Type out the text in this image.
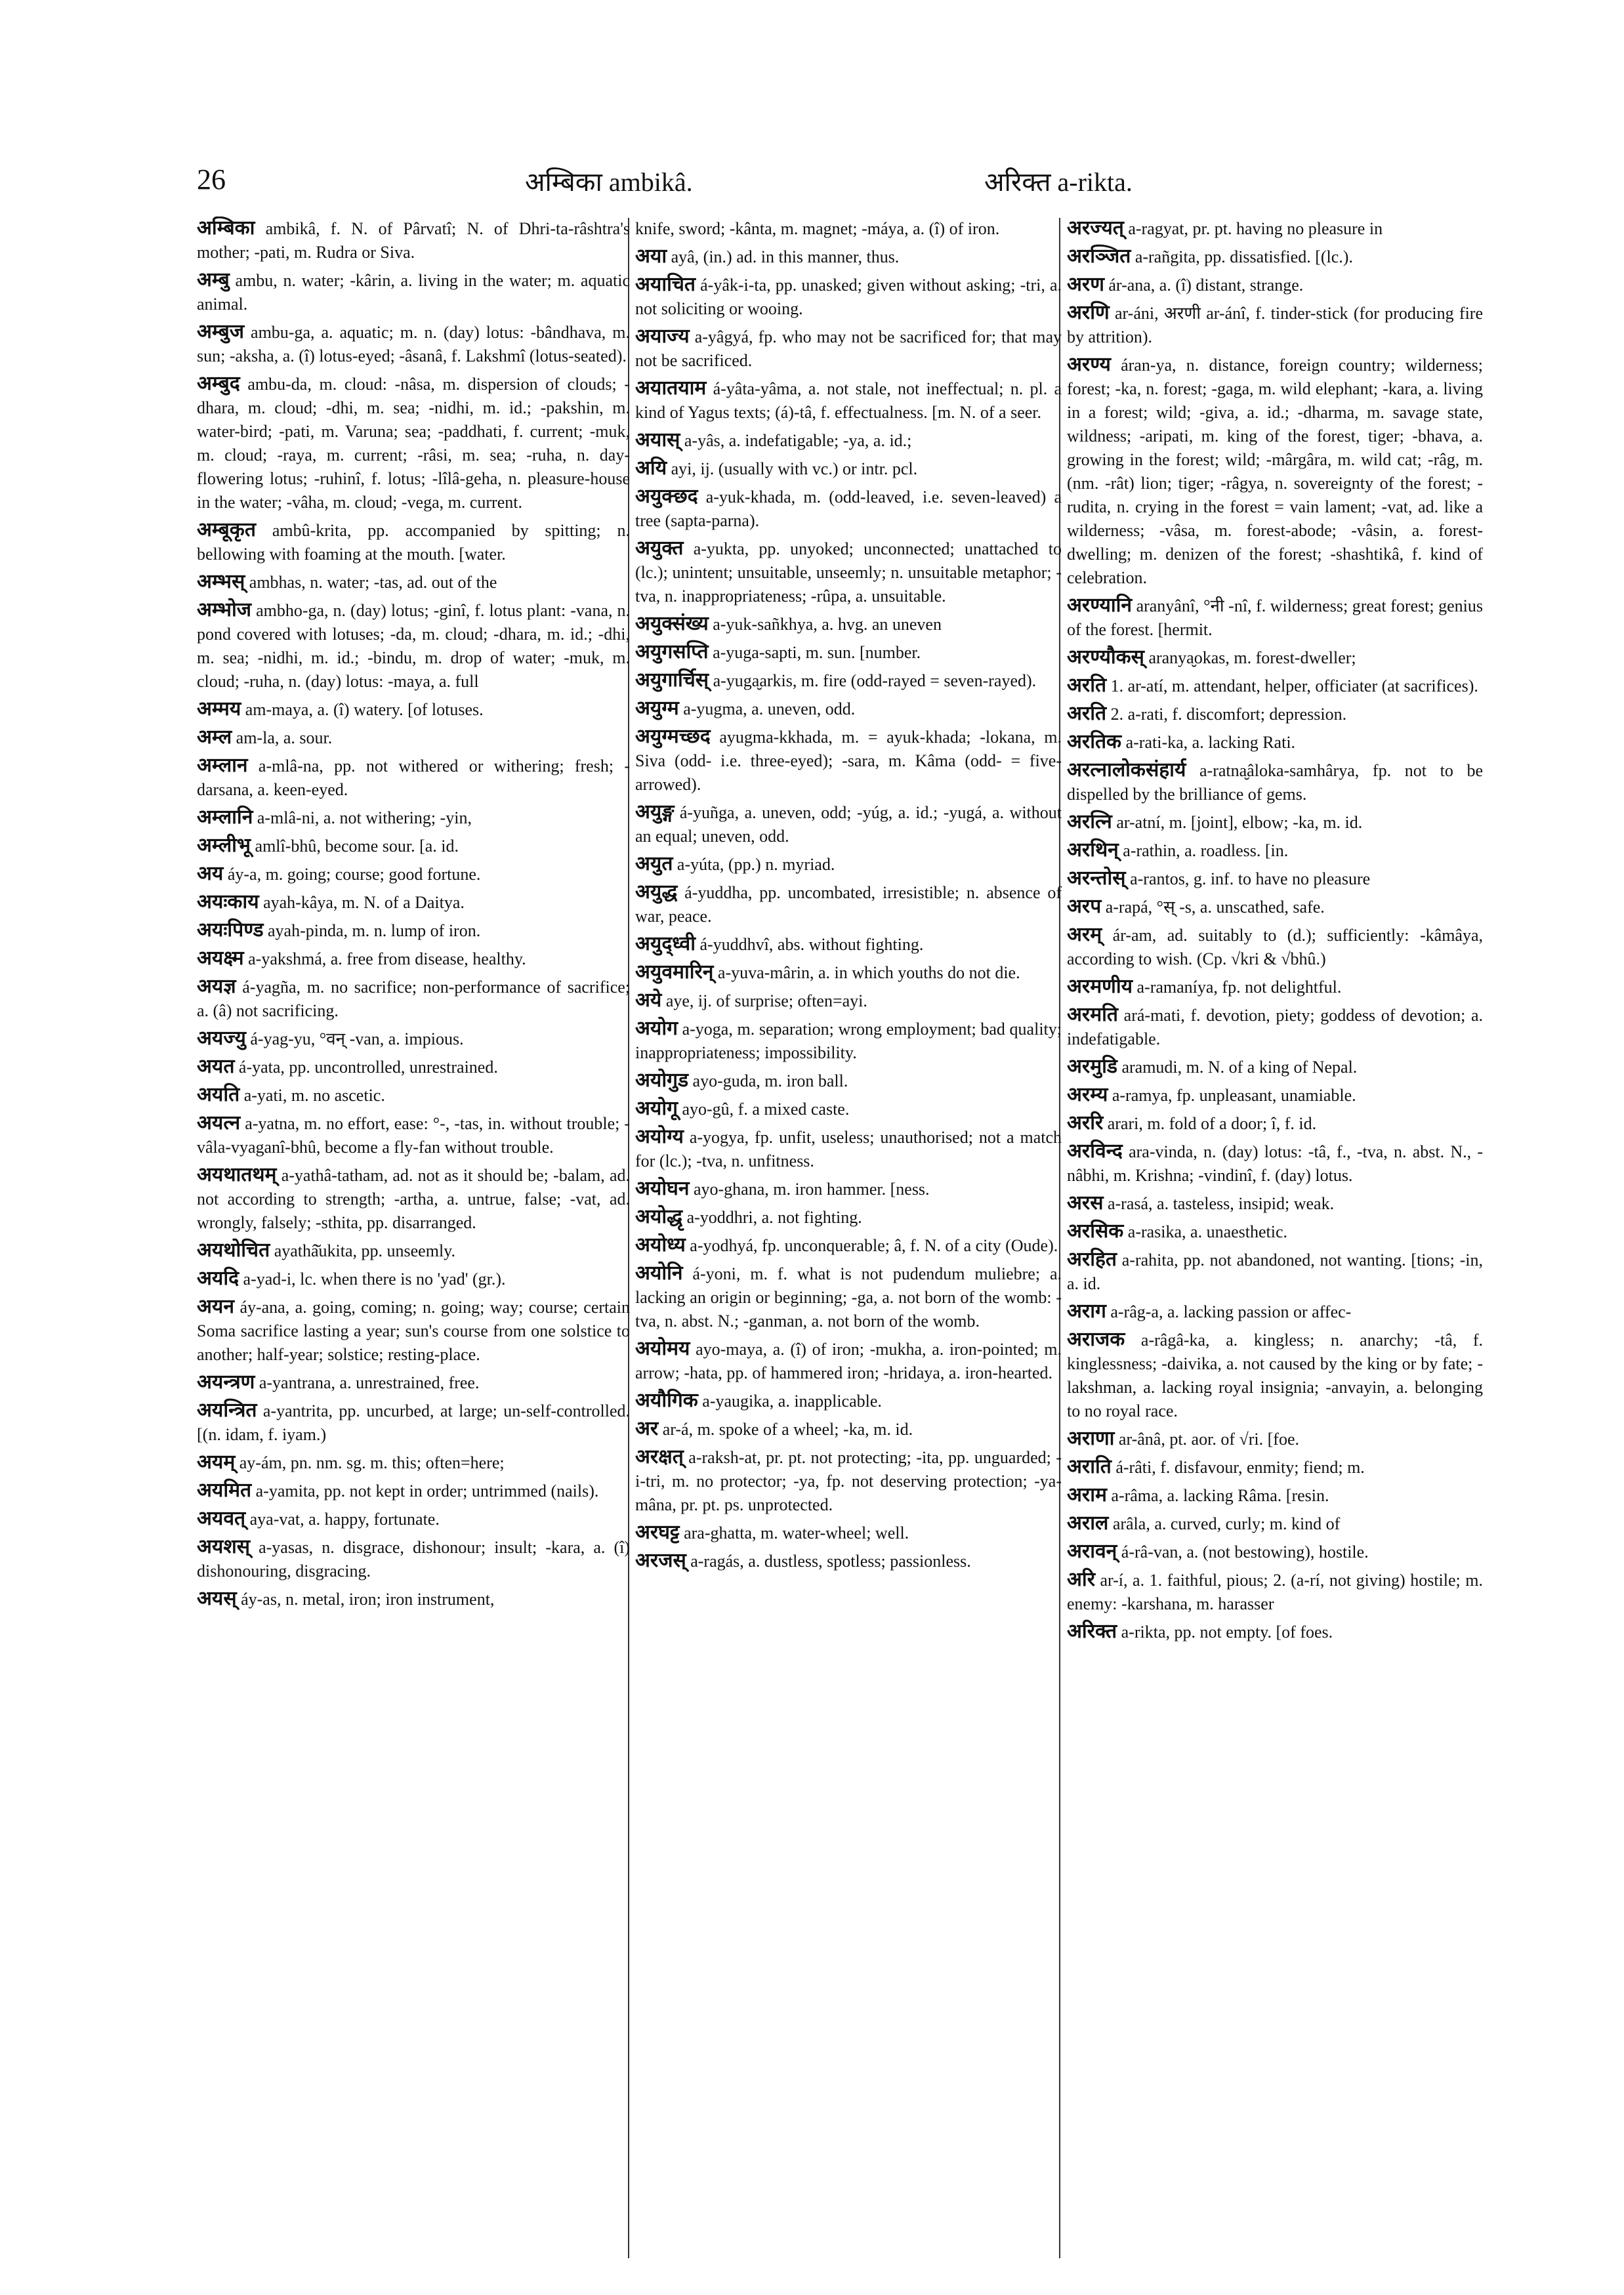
26	अम्बिका ambikâ.	अरिक्त a-rikta.
अम्बिका ambikâ, f. N. of Pârvatî; N. of Dhri-ta-râshtra's mother; -pati, m. Rudra or Siva.
अम्बु ambu, n. water; -kârin, a. living in the water; m. aquatic animal.
अम्बुज ambu-ga, a. aquatic; m. n. (day) lotus: -bândhava, m. sun; -aksha, a. (î) lotus-eyed; -âsanâ, f. Lakshmî (lotus-seated).
अम्बुद ambu-da, m. cloud: -nâsa, m. dispersion of clouds; -dhara, m. cloud; -dhi, m. sea; -nidhi, m. id.; -pakshin, m. water-bird; -pati, m. Varuna; sea; -paddhati, f. current; -muk, m. cloud; -raya, m. current; -râsi, m. sea; -ruha, n. day-flowering lotus; -ruhinî, f. lotus; -lîlâ-geha, n. pleasure-house in the water; -vâha, m. cloud; -vega, m. current.
अम्बूकृत ambû-krita, pp. accompanied by spitting; n. bellowing with foaming at the mouth. [water.
अम्भस् ambhas, n. water; -tas, ad. out of the
अम्भोज ambho-ga, n. (day) lotus; -ginî, f. lotus plant: -vana, n. pond covered with lotuses; -da, m. cloud; -dhara, m. id.; -dhi, m. sea; -nidhi, m. id.; -bindu, m. drop of water; -muk, m. cloud; -ruha, n. (day) lotus: -maya, a. full
अम्मय am-maya, a. (î) watery. [of lotuses.
अम्ल am-la, a. sour.
अम्लान a-mlâ-na, pp. not withered or withering; fresh; -darsana, a. keen-eyed.
अम्लानि a-mlâ-ni, a. not withering; -yin,
अम्लीभू amlî-bhû, become sour. [a. id.
अय áy-a, m. going; course; good fortune.
अयःकाय ayah-kâya, m. N. of a Daitya.
अयःपिण्ड ayah-pinda, m. n. lump of iron.
अयक्ष्म a-yakshmá, a. free from disease, healthy.
अयज्ञ á-yagña, m. no sacrifice; non-performance of sacrifice; a. (â) not sacrificing.
अयज्यु á-yag-yu, °वन् -van, a. impious.
अयत á-yata, pp. uncontrolled, unrestrained.
अयति a-yati, m. no ascetic.
अयत्न a-yatna, m. no effort, ease: °-, -tas, in. without trouble; -vâla-vyaganî-bhû, become a fly-fan without trouble.
अयथातथम् a-yathâ-tatham, ad. not as it should be; -balam, ad. not according to strength; -artha, a. untrue, false; -vat, ad. wrongly, falsely; -sthita, pp. disarranged.
अयथोचित ayathâ̆ukita, pp. unseemly.
अयदि a-yad-i, lc. when there is no 'yad' (gr.).
अयन áy-ana, a. going, coming; n. going; way; course; certain Soma sacrifice lasting a year; sun's course from one solstice to another; half-year; solstice; resting-place.
अयन्त्रण a-yantrana, a. unrestrained, free.
अयन्त्रित a-yantrita, pp. uncurbed, at large; un-self-controlled. [(n. idam, f. iyam.)
अयम् ay-ám, pn. nm. sg. m. this; often=here;
अयमित a-yamita, pp. not kept in order; untrimmed (nails).
अयवत् aya-vat, a. happy, fortunate.
अयशस् a-yasas, n. disgrace, dishonour; insult; -kara, a. (î) dishonouring, disgracing.
अयस् áy-as, n. metal, iron; iron instrument,
knife, sword; -kânta, m. magnet; -máya, a. (î) of iron.
अया ayâ, (in.) ad. in this manner, thus.
अयाचित á-yâk-i-ta, pp. unasked; given without asking; -tri, a. not soliciting or wooing.
अयाज्य a-yâgyá, fp. who may not be sacrificed for; that may not be sacrificed.
अयातयाम á-yâta-yâma, a. not stale, not ineffectual; n. pl. a kind of Yagus texts; (á)-tâ, f. effectualness. [m. N. of a seer.
अयास् a-yâs, a. indefatigable; -ya, a. id.;
अयि ayi, ij. (usually with vc.) or intr. pcl.
अयुक्छद a-yuk-khada, m. (odd-leaved, i.e. seven-leaved) a tree (sapta-parna).
अयुक्त a-yukta, pp. unyoked; unconnected; unattached to (lc.); unintent; unsuitable, unseemly; n. unsuitable metaphor; -tva, n. inappropriateness; -rûpa, a. unsuitable.
अयुक्संख्य a-yuk-sañkhya, a. hvg. an uneven
अयुगसप्ति a-yuga-sapti, m. sun. [number.
अयुगार्चिस् a-yuga̮arkis, m. fire (odd-rayed = seven-rayed).
अयुग्म a-yugma, a. uneven, odd.
अयुग्मच्छद ayugma-kkhada, m. = ayuk-khada; -lokana, m. Siva (odd- i.e. three-eyed); -sara, m. Kâma (odd- = five-arrowed).
अयुङ्ग á-yuñga, a. uneven, odd; -yúg, a. id.; -yugá, a. without an equal; uneven, odd.
अयुत a-yúta, (pp.) n. myriad.
अयुद्ध á-yuddha, pp. uncombated, irresistible; n. absence of war, peace.
अयुद्ध्वी á-yuddhvî, abs. without fighting.
अयुवमारिन् a-yuva-mârin, a. in which youths do not die.
अये aye, ij. of surprise; often=ayi.
अयोग a-yoga, m. separation; wrong employment; bad quality; inappropriateness; impossibility.
अयोगुड ayo-guda, m. iron ball.
अयोगू ayo-gû, f. a mixed caste.
अयोग्य a-yogya, fp. unfit, useless; unauthorised; not a match for (lc.); -tva, n. unfitness.
अयोघन ayo-ghana, m. iron hammer. [ness.
अयोद्धृ a-yoddhri, a. not fighting.
अयोध्य a-yodhyá, fp. unconquerable; â, f. N. of a city (Oude).
अयोनि á-yoni, m. f. what is not pudendum muliebre; a. lacking an origin or beginning; -ga, a. not born of the womb: -tva, n. abst. N.; -ganman, a. not born of the womb.
अयोमय ayo-maya, a. (î) of iron; -mukha, a. iron-pointed; m. arrow; -hata, pp. of hammered iron; -hridaya, a. iron-hearted.
अयौगिक a-yaugika, a. inapplicable.
अर ar-á, m. spoke of a wheel; -ka, m. id.
अरक्षत् a-raksh-at, pr. pt. not protecting; -ita, pp. unguarded; -i-tri, m. no protector; -ya, fp. not deserving protection; -ya-mâna, pr. pt. ps. unprotected.
अरघट्ट ara-ghatta, m. water-wheel; well.
अरजस् a-ragás, a. dustless, spotless; passionless.
अरज्यत् a-ragyat, pr. pt. having no pleasure in
अरञ्जित a-rañgita, pp. dissatisfied. [(lc.).
अरण ár-ana, a. (î) distant, strange.
अरणि ar-áni, अरणी ar-ánî, f. tinder-stick (for producing fire by attrition).
अरण्य áran-ya, n. distance, foreign country; wilderness; forest; -ka, n. forest; -gaga, m. wild elephant; -kara, a. living in a forest; wild; -giva, a. id.; -dharma, m. savage state, wildness; -aripati, m. king of the forest, tiger; -bhava, a. growing in the forest; wild; -mârgâra, m. wild cat; -râg, m. (nm. -rât) lion; tiger; -râgya, n. sovereignty of the forest; -rudita, n. crying in the forest = vain lament; -vat, ad. like a wilderness; -vâsa, m. forest-abode; -vâsin, a. forest-dwelling; m. denizen of the forest; -shashtikâ, f. kind of celebration.
अरण्यानि aranyânî, °नी -nî, f. wilderness; great forest; genius of the forest. [hermit.
अरण्यौकस् aranya̮okas, m. forest-dweller;
अरति 1. ar-atí, m. attendant, helper, officiater (at sacrifices).
अरति 2. a-rati, f. discomfort; depression.
अरतिक a-rati-ka, a. lacking Rati.
अरत्नालोकसंहार्य a-ratna̮âloka-samhârya, fp. not to be dispelled by the brilliance of gems.
अरत्नि ar-atní, m. [joint], elbow; -ka, m. id.
अरथिन् a-rathin, a. roadless. [in.
अरन्तोस् a-rantos, g. inf. to have no pleasure
अरप a-rapá, °स् -s, a. unscathed, safe.
अरम् ár-am, ad. suitably to (d.); sufficiently: -kâmâya, according to wish. (Cp. √kri & √bhû.)
अरमणीय a-ramaníya, fp. not delightful.
अरमति ará-mati, f. devotion, piety; goddess of devotion; a. indefatigable.
अरमुडि aramudi, m. N. of a king of Nepal.
अरम्य a-ramya, fp. unpleasant, unamiable.
अररि arari, m. fold of a door; î, f. id.
अरविन्द ara-vinda, n. (day) lotus: -tâ, f., -tva, n. abst. N., -nâbhi, m. Krishna; -vindinî, f. (day) lotus.
अरस a-rasá, a. tasteless, insipid; weak.
अरसिक a-rasika, a. unaesthetic.
अरहित a-rahita, pp. not abandoned, not wanting. [tions; -in, a. id.
अराग a-râg-a, a. lacking passion or affec-
अराजक a-râgâ-ka, a. kingless; n. anarchy; -tâ, f. kinglessness; -daivika, a. not caused by the king or by fate; -lakshman, a. lacking royal insignia; -anvayin, a. belonging to no royal race.
अराणा ar-ânâ, pt. aor. of √ri. [foe.
अराति á-râti, f. disfavour, enmity; fiend; m.
अराम a-râma, a. lacking Râma. [resin.
अराल arâla, a. curved, curly; m. kind of
अरावन् á-râ-van, a. (not bestowing), hostile.
अरि ar-í, a. 1. faithful, pious; 2. (a-rí, not giving) hostile; m. enemy: -karshana, m. harasser
अरिक्त a-rikta, pp. not empty. [of foes.
